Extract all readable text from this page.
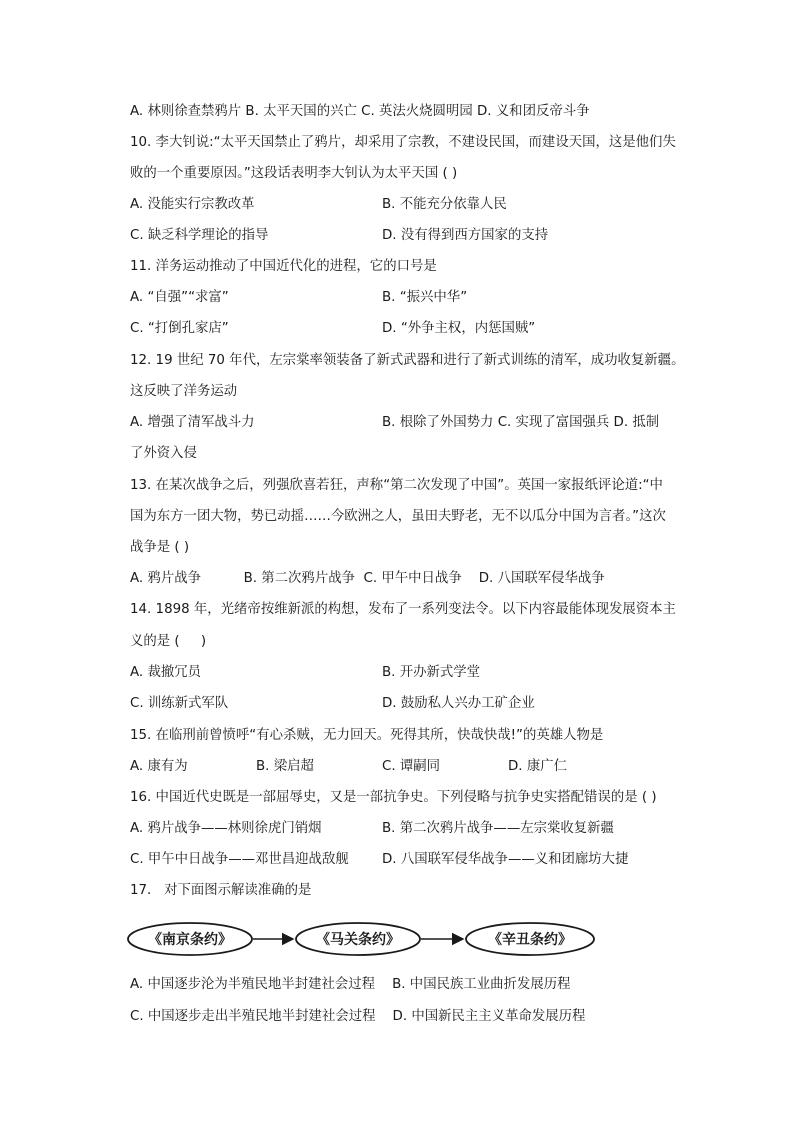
A. 林则徐查禁鸦片 B. 太平天国的兴亡 C. 英法火烧圆明园 D. 义和团反帝斗争
10. 李大钊说:“太平天国禁止了鸦片，却采用了宗教，不建设民国，而建设天国，这是他们失
败的一个重要原因。”这段话表明李大钊认为太平天国 ( )
A. 没能实行宗教改革	B. 不能充分依靠人民
C. 缺乏科学理论的指导	D. 没有得到西方国家的支持
11. 洋务运动推动了中国近代化的进程，它的口号是
A. “自强”“求富”	B. “振兴中华”
C. “打倒孔家店”	D. “外争主权，内惩国贼”
12. 19 世纪 70 年代，左宗棠率领装备了新式武器和进行了新式训练的清军，成功收复新疆。
这反映了洋务运动
A. 增强了清军战斗力	B. 根除了外国势力 C. 实现了富国强兵 D. 抵制
了外资入侵
13. 在某次战争之后，列强欣喜若狂，声称“第二次发现了中国”。英国一家报纸评论道:“中
国为东方一团大物，势已动摇……今欧洲之人，虽田夫野老，无不以瓜分中国为言者。”这次
战争是 ( )
A. 鸦片战争          B. 第二次鸦片战争  C. 甲午中日战争    D. 八国联军侵华战争
14. 1898 年，光绪帝按维新派的构想，发布了一系列变法令。以下内容最能体现发展资本主
义的是 (     )
A. 裁撤冗员	B. 开办新式学堂
C. 训练新式军队	D. 鼓励私人兴办工矿企业
15. 在临刑前曾愤呼“有心杀贼，无力回天。死得其所，快哉快哉!”的英雄人物是
A. 康有为	B. 梁启超	C. 谭嗣同	D. 康广仁
16. 中国近代史既是一部屈辱史，又是一部抗争史。下列侵略与抗争史实搭配错误的是 ( )
A. 鸦片战争——林则徐虎门销烟	B. 第二次鸦片战争——左宗棠收复新疆
C. 甲午中日战争——邓世昌迎战敌舰 D. 八国联军侵华战争——义和团廊坊大捷
17.   对下面图示解读准确的是
《南京条约》	《马关条约》	《辛丑条约》
A. 中国逐步沦为半殖民地半封建社会过程    B. 中国民族工业曲折发展历程
C. 中国逐步走出半殖民地半封建社会过程    D. 中国新民主主义革命发展历程
